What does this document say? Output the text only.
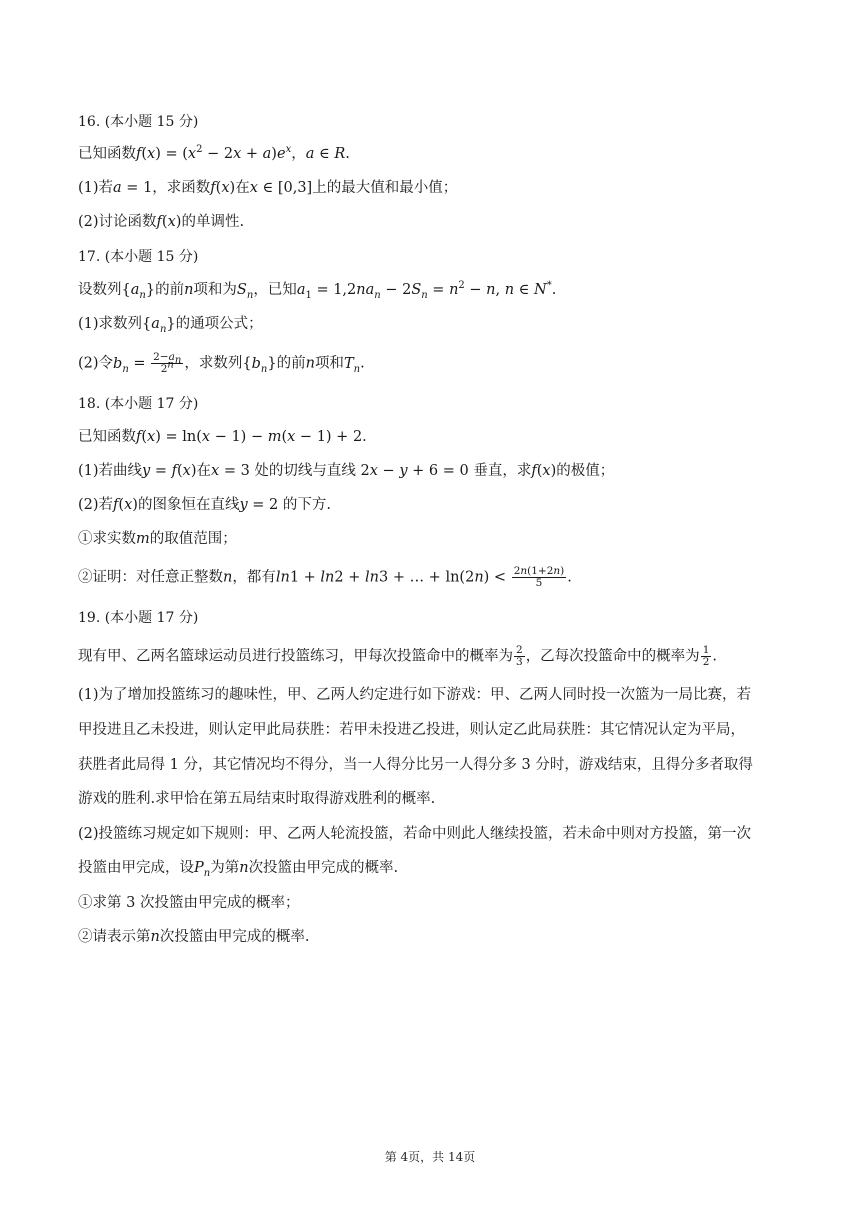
16. (本小题 15 分)
已知函数$f(x) = (x^2 - 2x + a)e^x$，a ∈ R.
(1)若a = 1，求函数f(x)在x ∈ [0,3]上的最大值和最小值；
(2)讨论函数f(x)的单调性.
17. (本小题 15 分)
设数列$\{a_n\}$的前n项和为$S_n$，已知$a_1 = 1,2na_n - 2S_n = n^2 - n$, n ∈ N*.
(1)求数列$\{a_n\}$的通项公式；
(2)令$b_n = \frac{2-a_n}{2^n}$ ，求数列$\{b_n\}$的前n项和$T_n$.
18. (本小题 17 分)
已知函数f(x) = ln(x − 1) − m(x − 1) + 2.
(1)若曲线y = f(x)在x = 3 处的切线与直线 2x − y + 6 = 0 垂直，求f(x)的极值；
(2)若f(x)的图象恒在直线y = 2 的下方.
①求实数m的取值范围；
②证明：对任意正整数n，都有ln1 + ln2 + ln3 + … + $\ln(2n) < \frac{2n(1+2n)}{5}$ .
19. (本小题 17 分)
现有甲、乙两名篮球运动员进行投篮练习，甲每次投篮命中的概率为 $\frac{2}{3}$ ，乙每次投篮命中的概率为 $\frac{1}{2}$ .
(1)为了增加投篮练习的趣味性，甲、乙两人约定进行如下游戏：甲、乙两人同时投一次篮为一局比赛，若
甲投进且乙未投进，则认定甲此局获胜：若甲未投进乙投进，则认定乙此局获胜：其它情况认定为平局，
获胜者此局得 1 分，其它情况均不得分，当一人得分比另一人得分多 3 分时，游戏结束，且得分多者取得
游戏的胜利.求甲恰在第五局结束时取得游戏胜利的概率.
(2)投篮练习规定如下规则：甲、乙两人轮流投篮，若命中则此人继续投篮，若未命中则对方投篮，第一次
投篮由甲完成，设$P_n$为第n次投篮由甲完成的概率.
①求第 3 次投篮由甲完成的概率；
②请表示第n次投篮由甲完成的概率.
第 4页，共 14页
